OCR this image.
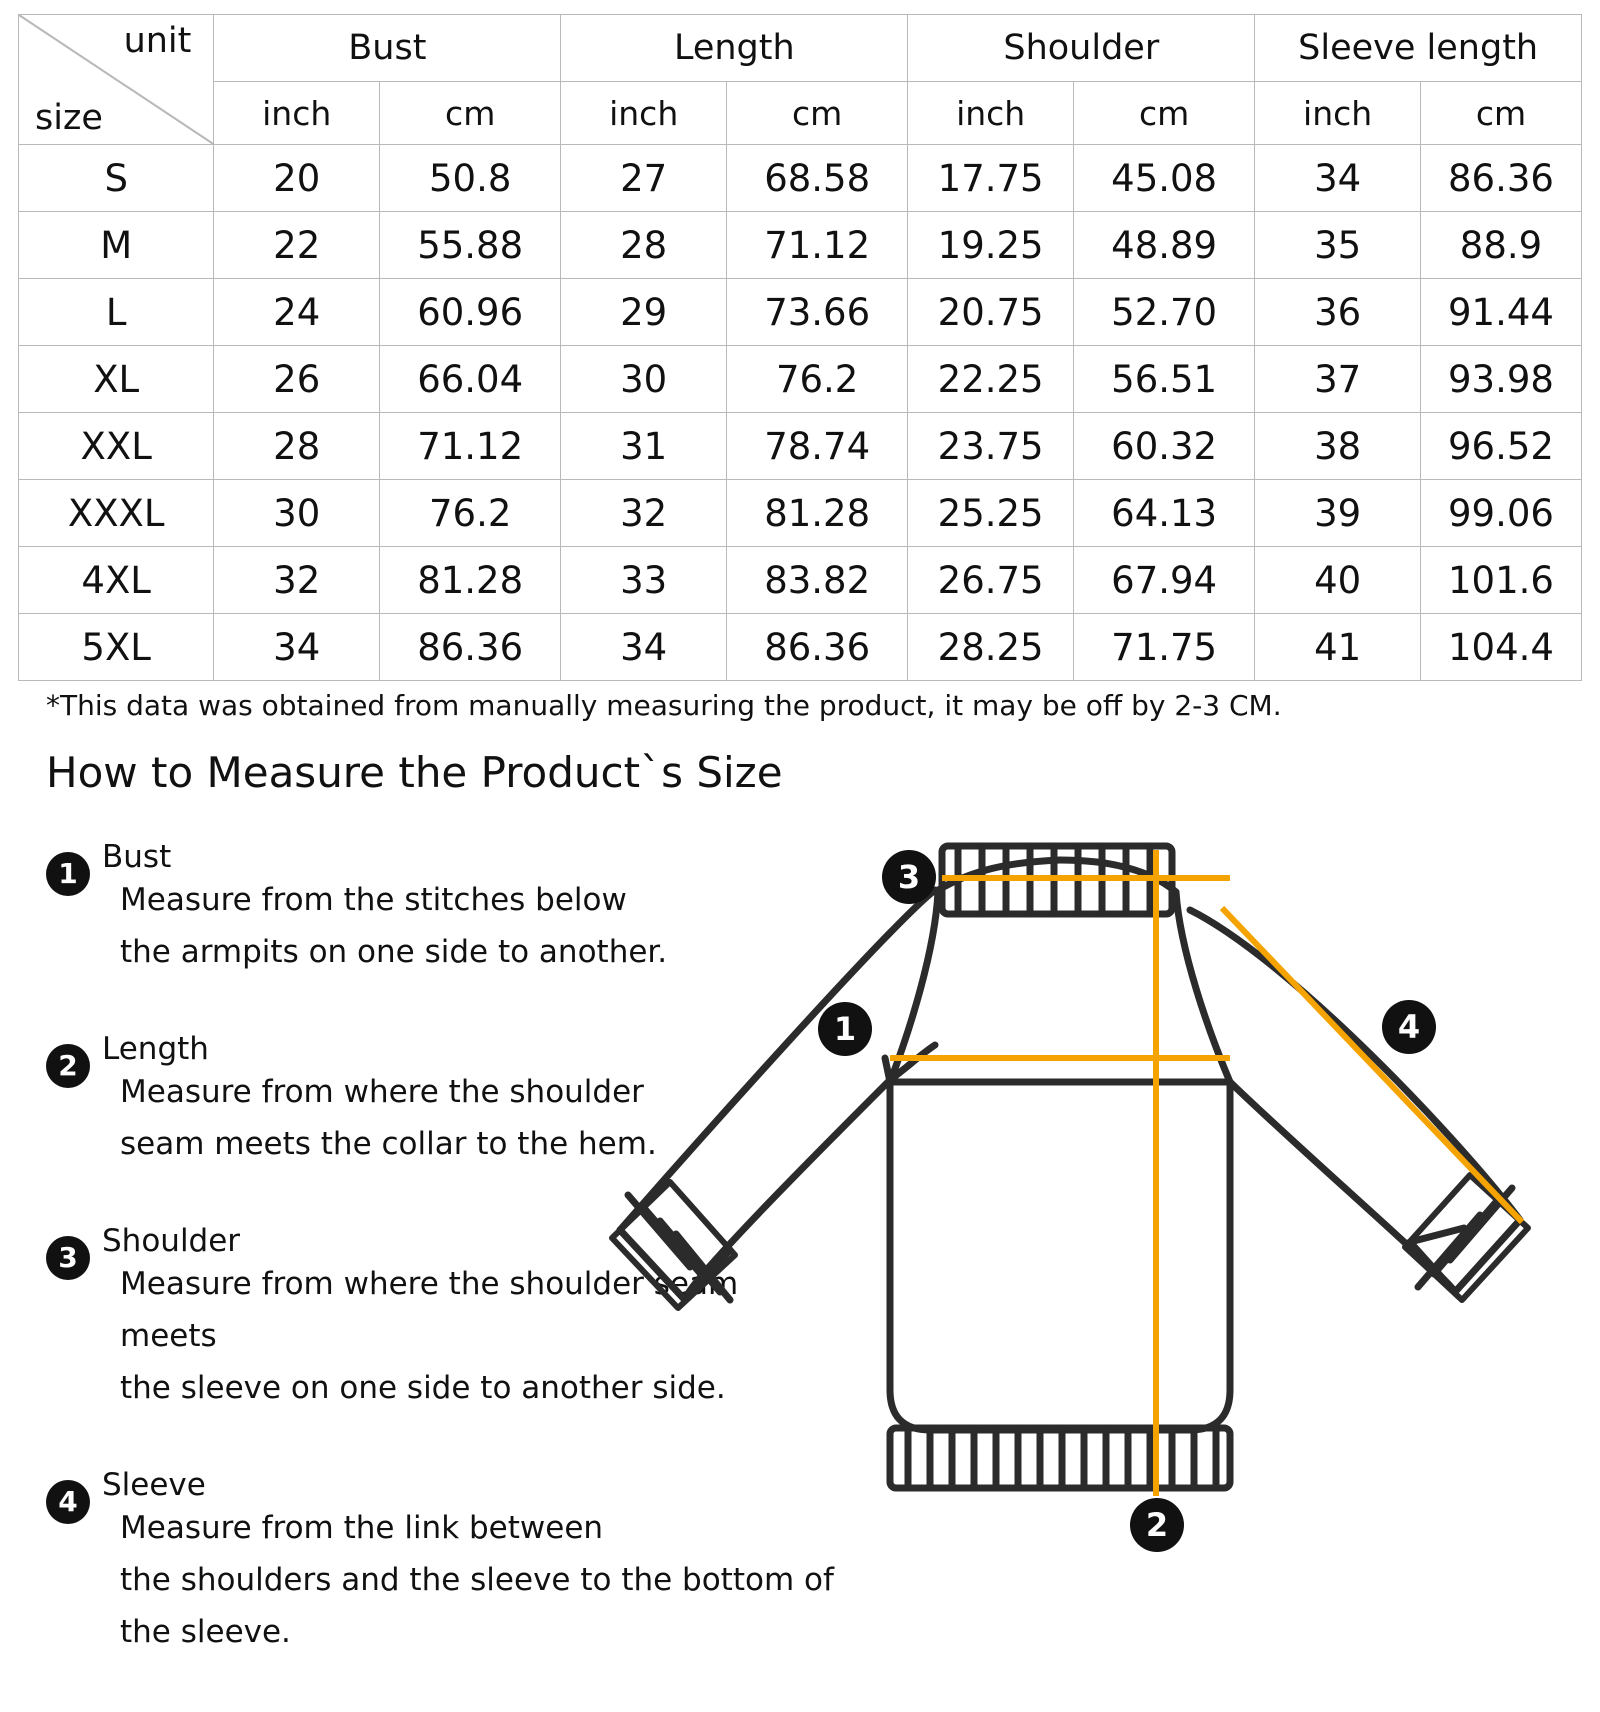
unit
size	Bust		Length		Shoulder		Sleeve length	
	inch	cm	inch	cm	inch	cm	inch	cm
S	20	50.8	27	68.58	17.75	45.08	34	86.36
M	22	55.88	28	71.12	19.25	48.89	35	88.9
L	24	60.96	29	73.66	20.75	52.70	36	91.44
XL	26	66.04	30	76.2	22.25	56.51	37	93.98
XXL	28	71.12	31	78.74	23.75	60.32	38	96.52
XXXL	30	76.2	32	81.28	25.25	64.13	39	99.06
4XL	32	81.28	33	83.82	26.75	67.94	40	101.6
5XL	34	86.36	34	86.36	28.25	71.75	41	104.4
*This data was obtained from manually measuring the product, it may be off by 2-3 CM.
How to Measure the Product`s Size
1 Bust
Measure from the stitches below
the armpits on one side to another.
2 Length
Measure from where the shoulder
seam meets the collar to the hem.
3 Shoulder
Measure from where the shoulder seam meets
the sleeve on one side to another side.
4 Sleeve
Measure from the link between
the shoulders and the sleeve to the bottom of the sleeve.
3
1	4
2
